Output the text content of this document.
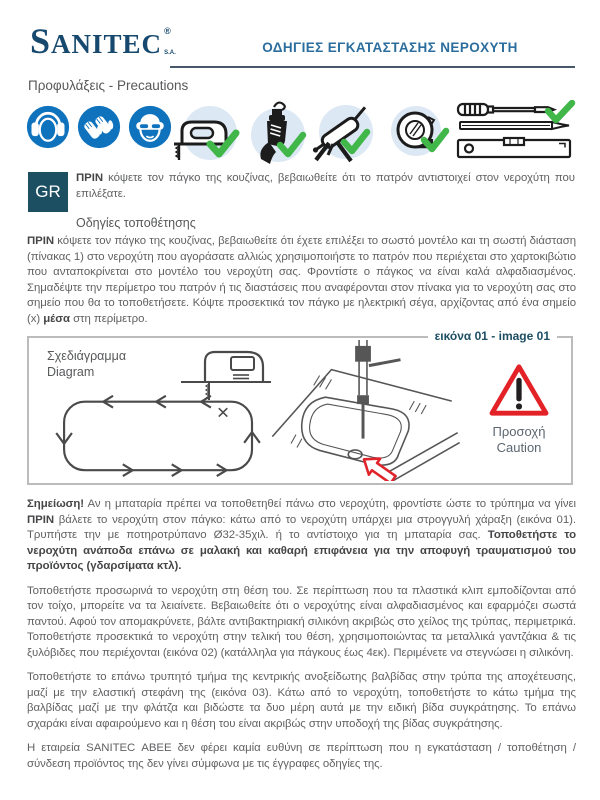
SANITEC ®
S.A.	ΟΔΗΓΙΕΣ ΕΓΚΑΤΑΣΤΑΣΗΣ ΝΕΡΟΧΥΤΗ
Προφυλάξεις - Precautions
GR
ΠΡΙΝ κόψετε τον πάγκο της κουζίνας, βεβαιωθείτε ότι το πατρόν αντιστοιχεί στον νεροχύτη που επιλέξατε.
Οδηγίες τοποθέτησης
ΠΡΙΝ κόψετε τον πάγκο της κουζίνας, βεβαιωθείτε ότι έχετε επιλέξει το σωστό μοντέλο και τη σωστή διάσταση (πίνακας 1) στο νεροχύτη που αγοράσατε αλλιώς χρησιμοποιήστε το πατρόν που περιέχεται στο χαρτοκιβώτιο που ανταποκρίνεται στο μοντέλο του νεροχύτη σας. Φροντίστε ο πάγκος να είναι καλά αλφαδιασμένος. Σημαδέψτε την περίμετρο του πατρόν ή τις διαστάσεις που αναφέρονται στον πίνακα για το νεροχύτη σας στο σημείο που θα το τοποθετήσετε. Κόψτε προσεκτικά τον πάγκο με ηλεκτρική σέγα, αρχίζοντας από ένα σημείο (x) μέσα στη περίμετρο.
εικόνα 01 - image 01
Σχεδιάγραμμα
Diagram
×
Προσοχή
Caution

Σημείωση! Αν η μπαταρία πρέπει να τοποθετηθεί πάνω στο νεροχύτη, φροντίστε ώστε το τρύπημα να γίνει ΠΡΙΝ βάλετε το νεροχύτη στον πάγκο: κάτω από το νεροχύτη υπάρχει μια στρογγυλή χάραξη (εικόνα 01). Τρυπήστε την με ποτηροτρύπανο Ø32-35χιλ. ή το αντίστοιχο για τη μπαταρία σας. Τοποθετήστε το νεροχύτη ανάποδα επάνω σε μαλακή και καθαρή επιφάνεια για την αποφυγή τραυματισμού του προϊόντος (γδαρσίματα κτλ).

Τοποθετήστε προσωρινά το νεροχύτη στη θέση του. Σε περίπτωση που τα πλαστικά κλιπ εμποδίζονται από τον τοίχο, μπορείτε να τα λειαίνετε. Βεβαιωθείτε ότι ο νεροχύτης είναι αλφαδιασμένος και εφαρμόζει σωστά παντού. Αφού τον απομακρύνετε, βάλτε αντιβακτηριακή σιλικόνη ακριβώς στο χείλος της τρύπας, περιμετρικά. Τοποθετήστε προσεκτικά το νεροχύτη στην τελική του θέση, χρησιμοποιώντας τα μεταλλικά γαντζάκια & τις ξυλόβιδες που περιέχονται (εικόνα 02) (κατάλληλα για πάγκους έως 4εκ). Περιμένετε να στεγνώσει η σιλικόνη.

Τοποθετήστε το επάνω τρυπητό τμήμα της κεντρικής ανοξείδωτης βαλβίδας στην τρύπα της αποχέτευσης, μαζί με την ελαστική στεφάνη της (εικόνα 03). Κάτω από το νεροχύτη, τοποθετήστε το κάτω τμήμα της βαλβίδας μαζί με την φλάτζα και βιδώστε τα δυο μέρη αυτά με την ειδική βίδα συγκράτησης. Το επάνω σχαράκι είναι αφαιρούμενο και η θέση του είναι ακριβώς στην υποδοχή της βίδας συγκράτησης.

Η εταιρεία SANITEC ΑΒΕΕ δεν φέρει καμία ευθύνη σε περίπτωση που η εγκατάσταση / τοποθέτηση / σύνδεση προϊόντος της δεν γίνει σύμφωνα με τις έγγραφες οδηγίες της.
